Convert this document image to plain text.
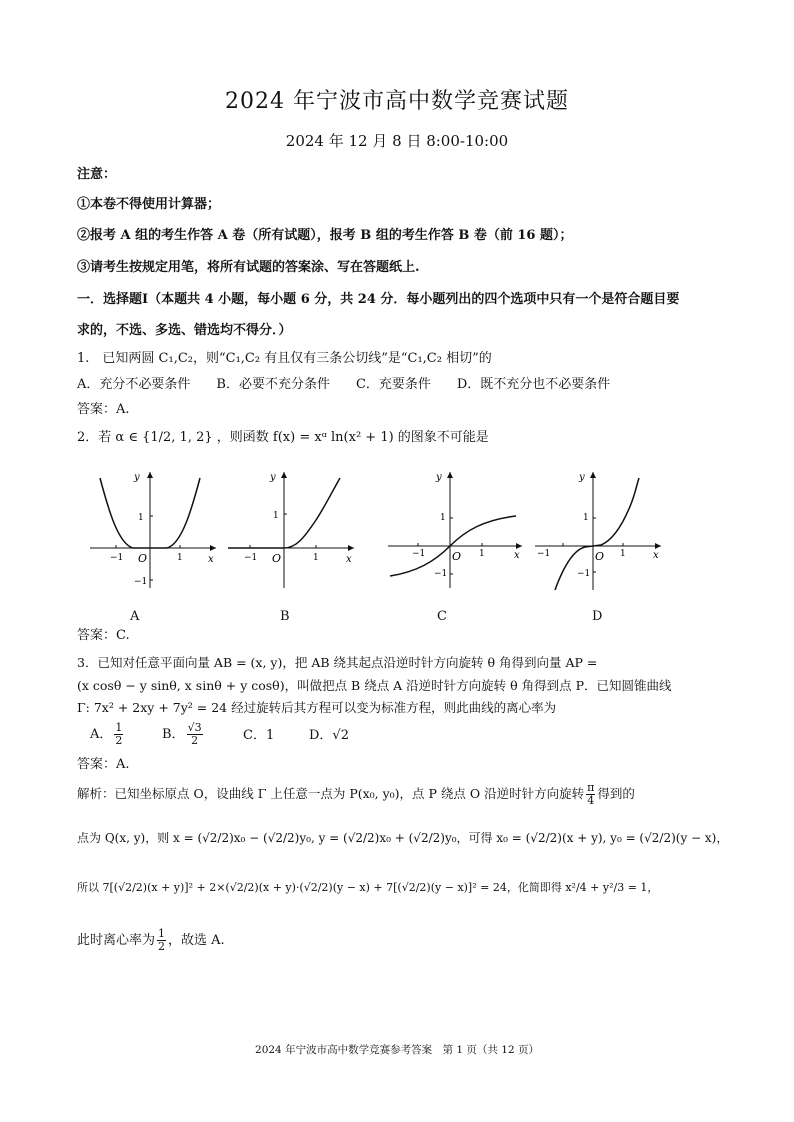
2024 年宁波市高中数学竞赛试题
2024 年 12 月 8 日 8:00-10:00
注意：
①本卷不得使用计算器；
②报考 A 组的考生作答 A 卷（所有试题），报考 B 组的考生作答 B 卷（前 16 题）；
③请考生按规定用笔，将所有试题的答案涂、写在答题纸上.
一．选择题Ⅰ（本题共 4 小题，每小题 6 分，共 24 分．每小题列出的四个选项中只有一个是符合题目要
求的，不选、多选、错选均不得分．）
1.　已知两圆 C₁,C₂，则“C₁,C₂ 有且仅有三条公切线”是“C₁,C₂ 相切”的
A．充分不必要条件　　B．必要不充分条件　　C．充要条件　　D．既不充分也不必要条件
答案：A.
2．若 α ∈ {1/2, 1, 2} ，则函数 f(x) = xᵅ ln(x² + 1) 的图象不可能是
x
y
O
−1	1
1
−1
x
y
O
−1	1
1
x
y
O
−1	1
1
−1
x
y
O
−1	1
1
−1
A	B	C	D
答案：C.
3．已知对任意平面向量 AB = (x, y)，把 AB 绕其起点沿逆时针方向旋转 θ 角得到向量 AP =
(x cosθ − y sinθ, x sinθ + y cosθ)，叫做把点 B 绕点 A 沿逆时针方向旋转 θ 角得到点 P．已知圆锥曲线
Γ: 7x² + 2xy + 7y² = 24 经过旋转后其方程可以变为标准方程，则此曲线的离心率为
A． $\frac{1}{2}$	B． $\frac{√3}{2}$	C．1	D．√2
答案：A.
解析：已知坐标原点 O，设曲线 Γ 上任意一点为 P(x₀, y₀)，点 P 绕点 O 沿逆时针方向旋转 $\frac{\pi}{4}$ 得到的
点为 Q(x, y)，则 x = (√2/2)x₀ − (√2/2)y₀, y = (√2/2)x₀ + (√2/2)y₀，可得 x₀ = (√2/2)(x + y), y₀ = (√2/2)(y − x)，
所以 7[(√2/2)(x + y)]² + 2×(√2/2)(x + y)·(√2/2)(y − x) + 7[(√2/2)(y − x)]² = 24，化简即得 x²/4 + y²/3 = 1，
此时离心率为 $\frac{1}{2}$ ，故选 A.
2024 年宁波市高中数学竞赛参考答案　第 1 页（共 12 页）
